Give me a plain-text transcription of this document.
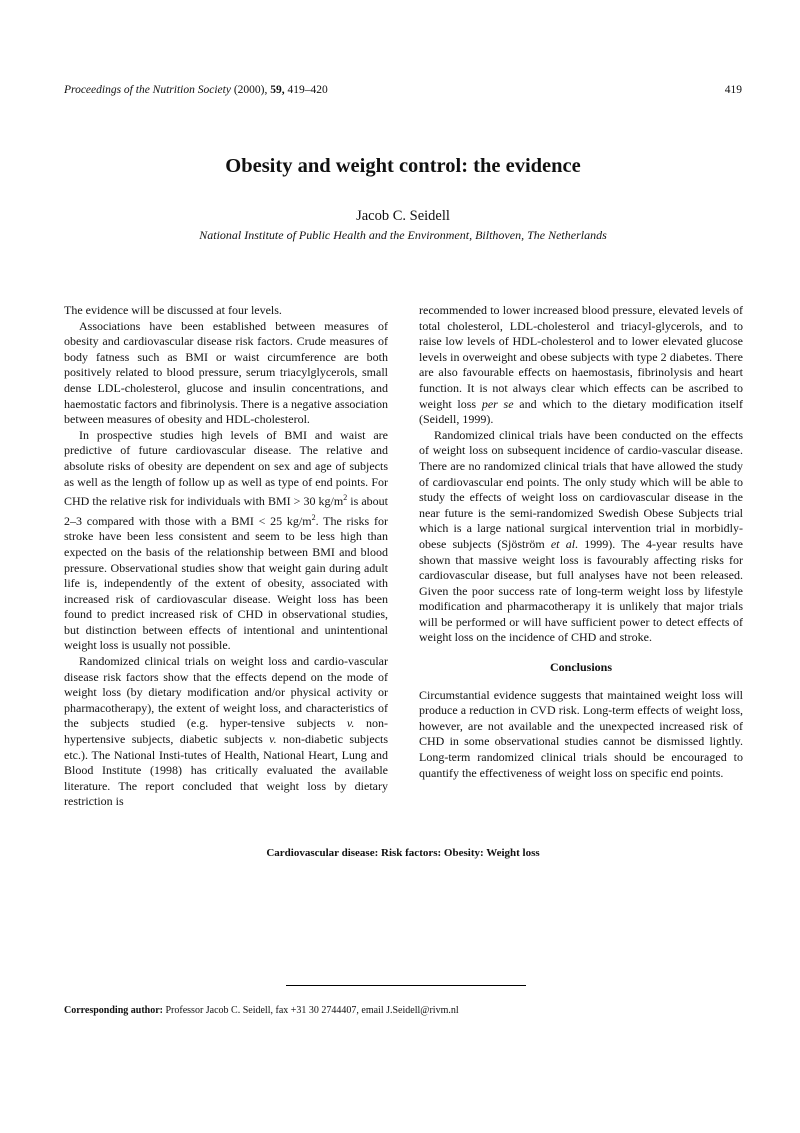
Proceedings of the Nutrition Society (2000), 59, 419–420	419
Obesity and weight control: the evidence
Jacob C. Seidell
National Institute of Public Health and the Environment, Bilthoven, The Netherlands

The evidence will be discussed at four levels.

Associations have been established between measures of obesity and cardiovascular disease risk factors. Crude measures of body fatness such as BMI or waist circumference are both positively related to blood pressure, serum triacylglycerols, small dense LDL-cholesterol, glucose and insulin concentrations, and haemostatic factors and fibrinolysis. There is a negative association between measures of obesity and HDL-cholesterol.

In prospective studies high levels of BMI and waist are predictive of future cardiovascular disease. The relative and absolute risks of obesity are dependent on sex and age of subjects as well as the length of follow up as well as type of end points. For CHD the relative risk for individuals with BMI > 30 $kg/m^2$ is about 2–3 compared with those with a BMI < 25 $kg/m^2$. The risks for stroke have been less consistent and seem to be less high than expected on the basis of the relationship between BMI and blood pressure. Observational studies show that weight gain during adult life is, independently of the extent of obesity, associated with increased risk of cardiovascular disease. Weight loss has been found to predict increased risk of CHD in observational studies, but distinction between effects of intentional and unintentional weight loss is usually not possible.

Randomized clinical trials on weight loss and cardio-vascular disease risk factors show that the effects depend on the mode of weight loss (by dietary modification and/or physical activity or pharmacotherapy), the extent of weight loss, and characteristics of the subjects studied (e.g. hyper-tensive subjects v. non-hypertensive subjects, diabetic subjects v. non-diabetic subjects etc.). The National Insti-tutes of Health, National Heart, Lung and Blood Institute (1998) has critically evaluated the available literature. The report concluded that weight loss by dietary restriction is

recommended to lower increased blood pressure, elevated levels of total cholesterol, LDL-cholesterol and triacyl-glycerols, and to raise low levels of HDL-cholesterol and to lower elevated glucose levels in overweight and obese subjects with type 2 diabetes. There are also favourable effects on haemostasis, fibrinolysis and heart function. It is not always clear which effects can be ascribed to weight loss per se and which to the dietary modification itself (Seidell, 1999).

Randomized clinical trials have been conducted on the effects of weight loss on subsequent incidence of cardio-vascular disease. There are no randomized clinical trials that have allowed the study of cardiovascular end points. The only study which will be able to study the effects of weight loss on cardiovascular disease in the near future is the semi-randomized Swedish Obese Subjects trial which is a large national surgical intervention trial in morbidly-obese subjects (Sjöström et al. 1999). The 4-year results have shown that massive weight loss is favourably affecting risks for cardiovascular disease, but full analyses have not been released. Given the poor success rate of long-term weight loss by lifestyle modification and pharmacotherapy it is unlikely that major trials will be performed or will have sufficient power to detect effects of weight loss on the incidence of CHD and stroke.

Conclusions

Circumstantial evidence suggests that maintained weight loss will produce a reduction in CVD risk. Long-term effects of weight loss, however, are not available and the unexpected increased risk of CHD in some observational studies cannot be dismissed lightly. Long-term randomized clinical trials should be encouraged to quantify the effectiveness of weight loss on specific end points.

Cardiovascular disease: Risk factors: Obesity: Weight loss
Corresponding author: Professor Jacob C. Seidell, fax +31 30 2744407, email J.Seidell@rivm.nl
